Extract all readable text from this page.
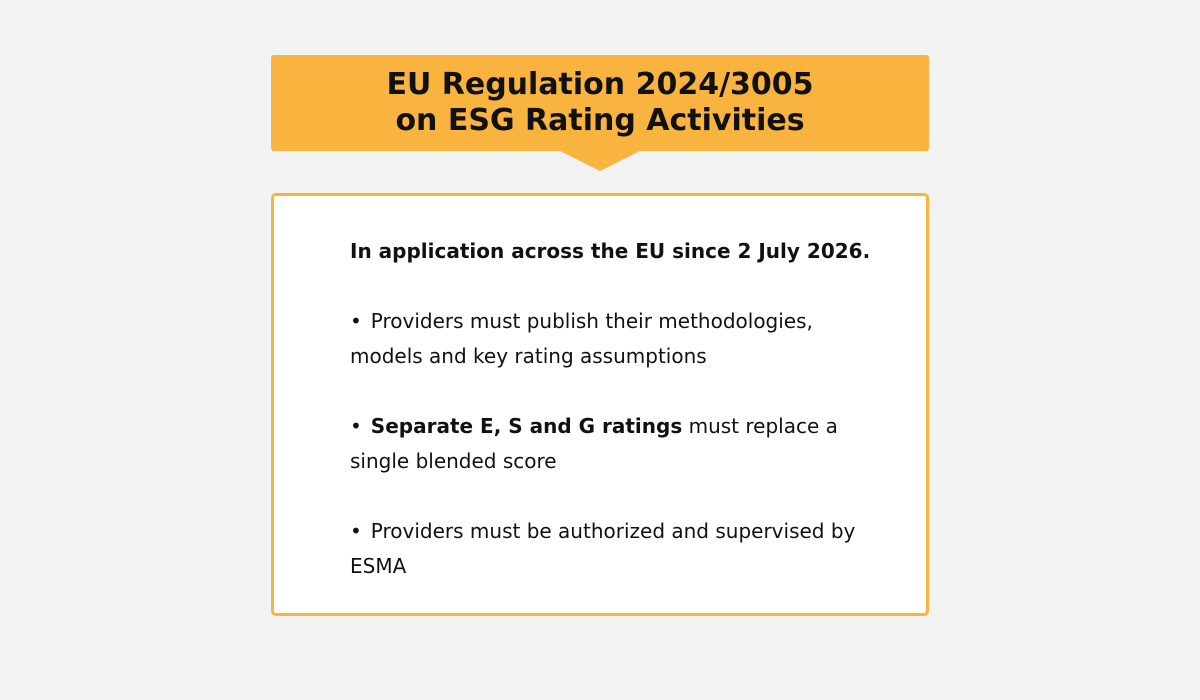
EU Regulation 2024/3005
on ESG Rating Activities

In application across the EU since 2 July 2026.

• Providers must publish their methodologies, models and key rating assumptions

• Separate E, S and G ratings must replace a single blended score

• Providers must be authorized and supervised by ESMA
